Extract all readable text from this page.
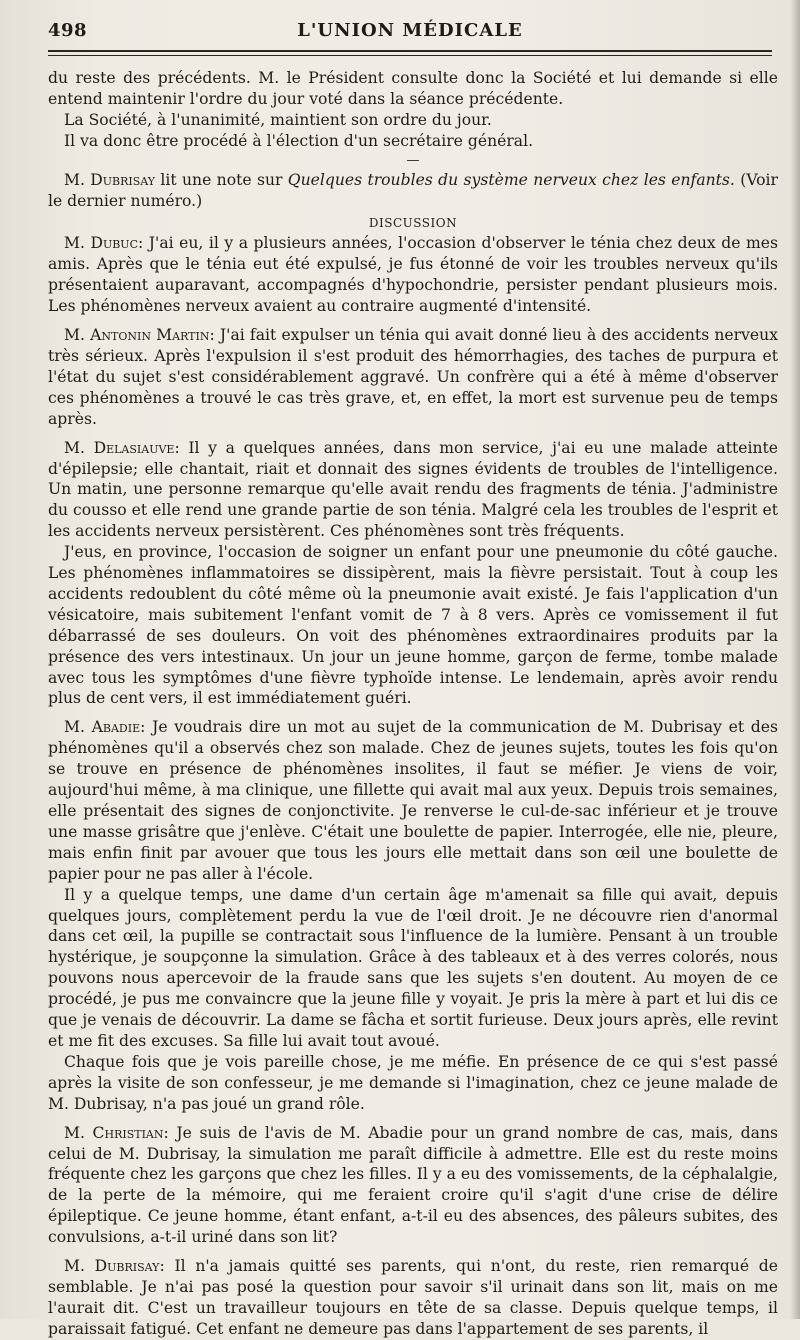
498	L'UNION MÉDICALE

du reste des précédents. M. le Président consulte donc la Société et lui demande si elle entend maintenir l'ordre du jour voté dans la séance précédente.

La Société, à l'unanimité, maintient son ordre du jour.

Il va donc être procédé à l'élection d'un secrétaire général.

—

M. Dubrisay lit une note sur Quelques troubles du système nerveux chez les enfants. (Voir le dernier numéro.)

DISCUSSION

M. Dubuc: J'ai eu, il y a plusieurs années, l'occasion d'observer le ténia chez deux de mes amis. Après que le ténia eut été expulsé, je fus étonné de voir les troubles nerveux qu'ils présentaient auparavant, accompagnés d'hypochondrie, persister pendant plusieurs mois. Les phénomènes nerveux avaient au contraire augmenté d'intensité.

M. Antonin Martin: J'ai fait expulser un ténia qui avait donné lieu à des accidents nerveux très sérieux. Après l'expulsion il s'est produit des hémorrhagies, des taches de purpura et l'état du sujet s'est considérablement aggravé. Un confrère qui a été à même d'observer ces phénomènes a trouvé le cas très grave, et, en effet, la mort est survenue peu de temps après.

M. Delasiauve: Il y a quelques années, dans mon service, j'ai eu une malade atteinte d'épilepsie; elle chantait, riait et donnait des signes évidents de troubles de l'intelligence. Un matin, une personne remarque qu'elle avait rendu des fragments de ténia. J'administre du cousso et elle rend une grande partie de son ténia. Malgré cela les troubles de l'esprit et les accidents nerveux persistèrent. Ces phénomènes sont très fréquents.

J'eus, en province, l'occasion de soigner un enfant pour une pneumonie du côté gauche. Les phénomènes inflammatoires se dissipèrent, mais la fièvre persistait. Tout à coup les accidents redoublent du côté même où la pneumonie avait existé. Je fais l'application d'un vésicatoire, mais subitement l'enfant vomit de 7 à 8 vers. Après ce vomissement il fut débarrassé de ses douleurs. On voit des phénomènes extraordinaires produits par la présence des vers intestinaux. Un jour un jeune homme, garçon de ferme, tombe malade avec tous les symptômes d'une fièvre typhoïde intense. Le lendemain, après avoir rendu plus de cent vers, il est immédiatement guéri.

M. Abadie: Je voudrais dire un mot au sujet de la communication de M. Dubrisay et des phénomènes qu'il a observés chez son malade. Chez de jeunes sujets, toutes les fois qu'on se trouve en présence de phénomènes insolites, il faut se méfier. Je viens de voir, aujourd'hui même, à ma clinique, une fillette qui avait mal aux yeux. Depuis trois semaines, elle présentait des signes de conjonctivite. Je renverse le cul-de-sac inférieur et je trouve une masse grisâtre que j'enlève. C'était une boulette de papier. Interrogée, elle nie, pleure, mais enfin finit par avouer que tous les jours elle mettait dans son œil une boulette de papier pour ne pas aller à l'école.

Il y a quelque temps, une dame d'un certain âge m'amenait sa fille qui avait, depuis quelques jours, complètement perdu la vue de l'œil droit. Je ne découvre rien d'anormal dans cet œil, la pupille se contractait sous l'influence de la lumière. Pensant à un trouble hystérique, je soupçonne la simulation. Grâce à des tableaux et à des verres colorés, nous pouvons nous apercevoir de la fraude sans que les sujets s'en doutent. Au moyen de ce procédé, je pus me convaincre que la jeune fille y voyait. Je pris la mère à part et lui dis ce que je venais de découvrir. La dame se fâcha et sortit furieuse. Deux jours après, elle revint et me fit des excuses. Sa fille lui avait tout avoué.

Chaque fois que je vois pareille chose, je me méfie. En présence de ce qui s'est passé après la visite de son confesseur, je me demande si l'imagination, chez ce jeune malade de M. Dubrisay, n'a pas joué un grand rôle.

M. Christian: Je suis de l'avis de M. Abadie pour un grand nombre de cas, mais, dans celui de M. Dubrisay, la simulation me paraît difficile à admettre. Elle est du reste moins fréquente chez les garçons que chez les filles. Il y a eu des vomissements, de la céphalalgie, de la perte de la mémoire, qui me feraient croire qu'il s'agit d'une crise de délire épileptique. Ce jeune homme, étant enfant, a-t-il eu des absences, des pâleurs subites, des convulsions, a-t-il uriné dans son lit?

M. Dubrisay: Il n'a jamais quitté ses parents, qui n'ont, du reste, rien remarqué de semblable. Je n'ai pas posé la question pour savoir s'il urinait dans son lit, mais on me l'aurait dit. C'est un travailleur toujours en tête de sa classe. Depuis quelque temps, il paraissait fatigué. Cet enfant ne demeure pas dans l'appartement de ses parents, il
